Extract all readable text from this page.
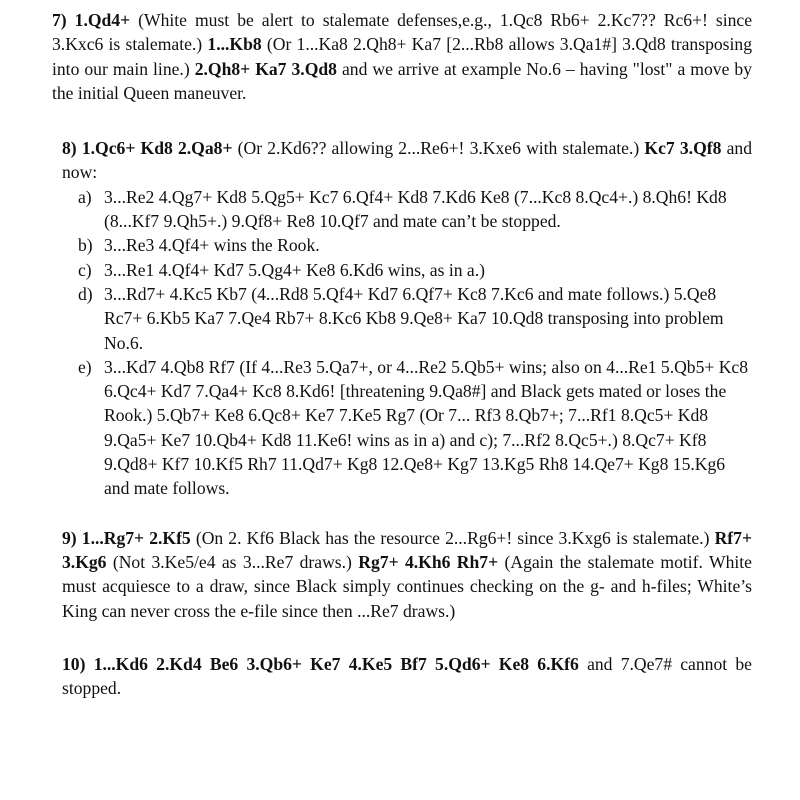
7) 1.Qd4+ (White must be alert to stalemate defenses,e.g., 1.Qc8 Rb6+ 2.Kc7?? Rc6+! since 3.Kxc6 is stalemate.) 1...Kb8 (Or 1...Ka8 2.Qh8+ Ka7 [2...Rb8 allows 3.Qa1#] 3.Qd8 transposing into our main line.) 2.Qh8+ Ka7 3.Qd8 and we arrive at example No.6 – having "lost" a move by the initial Queen maneuver.

8) 1.Qc6+ Kd8 2.Qa8+ (Or 2.Kd6?? allowing 2...Re6+! 3.Kxe6 with stalemate.) Kc7 3.Qf8 and now:

a) 3...Re2 4.Qg7+ Kd8 5.Qg5+ Kc7 6.Qf4+ Kd8 7.Kd6 Ke8 (7...Kc8 8.Qc4+.) 8.Qh6! Kd8 (8...Kf7 9.Qh5+.) 9.Qf8+ Re8 10.Qf7 and mate can’t be stopped.
b) 3...Re3 4.Qf4+ wins the Rook.
c) 3...Re1 4.Qf4+ Kd7 5.Qg4+ Ke8 6.Kd6 wins, as in a.)
d) 3...Rd7+ 4.Kc5 Kb7 (4...Rd8 5.Qf4+ Kd7 6.Qf7+ Kc8 7.Kc6 and mate follows.) 5.Qe8 Rc7+ 6.Kb5 Ka7 7.Qe4 Rb7+ 8.Kc6 Kb8 9.Qe8+ Ka7 10.Qd8 transposing into problem No.6.
e) 3...Kd7 4.Qb8 Rf7 (If 4...Re3 5.Qa7+, or 4...Re2 5.Qb5+ wins; also on 4...Re1 5.Qb5+ Kc8 6.Qc4+ Kd7 7.Qa4+ Kc8 8.Kd6! [threatening 9.Qa8#] and Black gets mated or loses the Rook.) 5.Qb7+ Ke8 6.Qc8+ Ke7 7.Ke5 Rg7 (Or 7... Rf3 8.Qb7+; 7...Rf1 8.Qc5+ Kd8 9.Qa5+ Ke7 10.Qb4+ Kd8 11.Ke6! wins as in a) and c); 7...Rf2 8.Qc5+.) 8.Qc7+ Kf8 9.Qd8+ Kf7 10.Kf5 Rh7 11.Qd7+ Kg8 12.Qe8+ Kg7 13.Kg5 Rh8 14.Qe7+ Kg8 15.Kg6 and mate follows.

9) 1...Rg7+ 2.Kf5 (On 2. Kf6 Black has the resource 2...Rg6+! since 3.Kxg6 is stalemate.) Rf7+ 3.Kg6 (Not 3.Ke5/e4 as 3...Re7 draws.) Rg7+ 4.Kh6 Rh7+ (Again the stalemate motif. White must acquiesce to a draw, since Black simply continues checking on the g- and h-files; White’s King can never cross the e-file since then ...Re7 draws.)

10) 1...Kd6 2.Kd4 Be6 3.Qb6+ Ke7 4.Ke5 Bf7 5.Qd6+ Ke8 6.Kf6 and 7.Qe7# cannot be stopped.
